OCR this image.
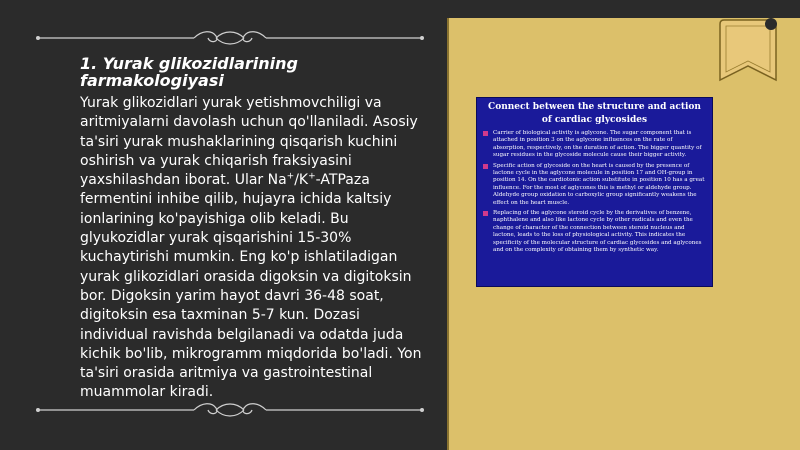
1. Yurak glikozidlarining farmakologiyasi

Yurak glikozidlari yurak yetishmovchiligi va aritmiyalarni davolash uchun qo'llaniladi. Asosiy ta'siri yurak mushaklarining qisqarish kuchini oshirish va yurak chiqarish fraksiyasini yaxshilashdan iborat. Ular Na+/K+-ATPaza fermentini inhibe qilib, hujayra ichida kaltsiy ionlarining ko'payishiga olib keladi. Bu glyukozidlar yurak qisqarishini 15-30% kuchaytirishi mumkin. Eng ko'p ishlatiladigan yurak glikozidlari orasida digoksin va digitoksin bor. Digoksin yarim hayot davri 36-48 soat, digitoksin esa taxminan 5-7 kun. Dozasi individual ravishda belgilanadi va odatda juda kichik bo'lib, mikrogramm miqdorida bo'ladi. Yon ta'siri orasida aritmiya va gastrointestinal muammolar kiradi.

Connect between the structure and action of cardiac glycosides
Carrier of biological activity is aglycone. The sugar component that is attached in position 3 on the aglycone influences on the rate of absorption, respectively, on the duration of action. The bigger quantity of sugar residues in the glycoside molecule cause their bigger activity.
Specific action of glycoside on the heart is caused by the presence of lactone cycle in the aglycone molecule in position 17 and OH-group in position 14. On the cardiotonic action substitute in position 10 has a great influence. For the most of aglycones this is methyl or aldehyde group. Aldehyde group oxidation to carboxylic group significantly weakens the effect on the heart muscle.
Replacing of the aglycone steroid cycle by the derivatives of benzene, naphthalene and also like lactone cycle by other radicals and even the change of character of the connection between steroid nucleus and lactone, leads to the loss of physiological activity. This indicates the specificity of the molecular structure of cardiac glycosides and aglycones and on the complexity of obtaining them by synthetic way.
